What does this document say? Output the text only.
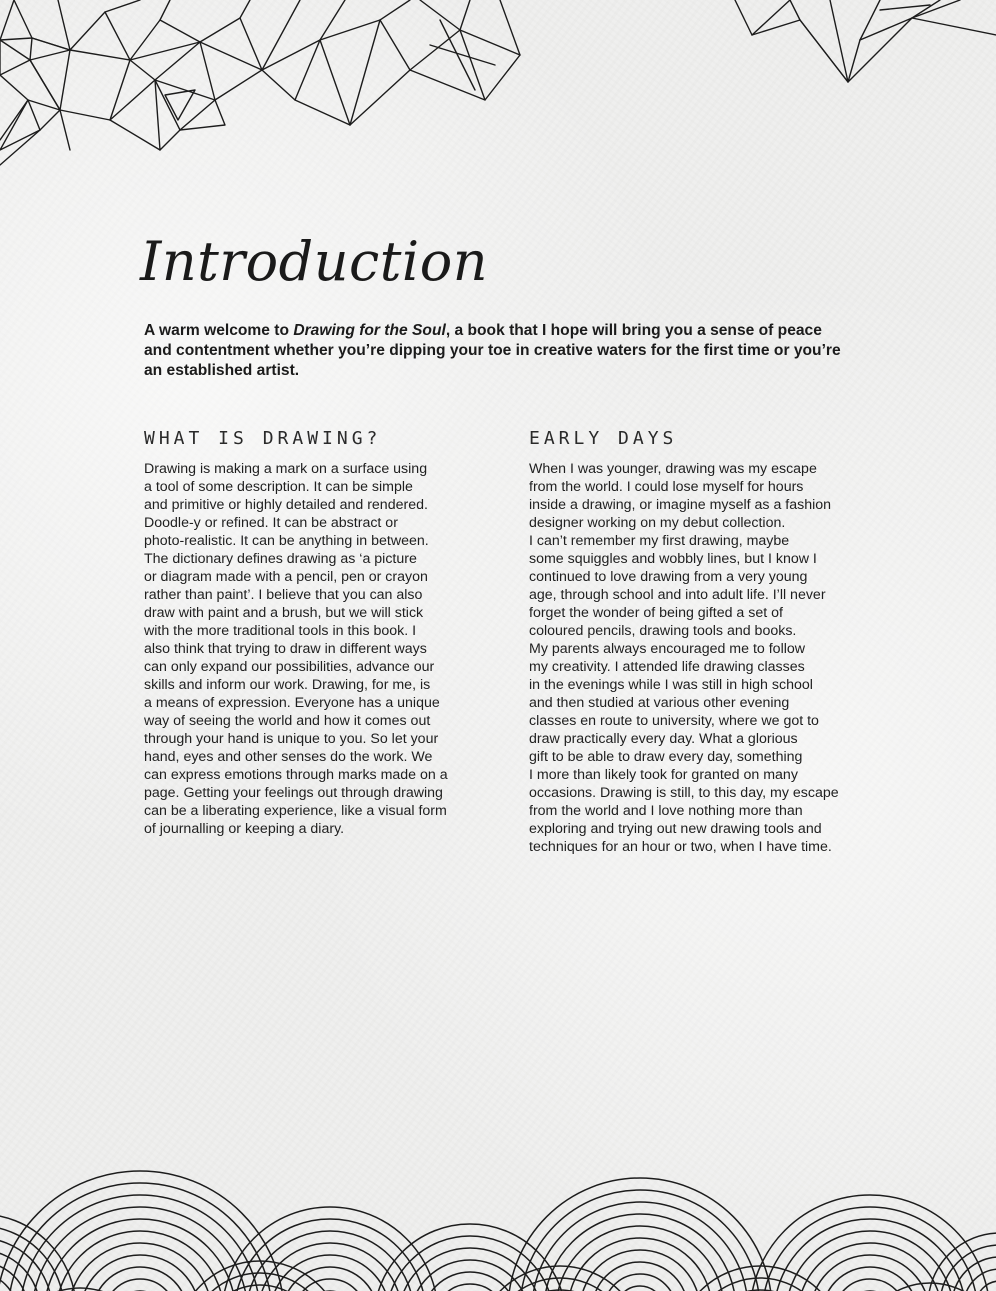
Introduction

A warm welcome to Drawing for the Soul, a book that I hope will bring you a sense of peace and contentment whether you’re dipping your toe in creative waters for the first time or you’re an established artist.

WHAT IS DRAWING?

Drawing is making a mark on a surface using
a tool of some description. It can be simple
and primitive or highly detailed and rendered.
Doodle-y or refined. It can be abstract or
photo-realistic. It can be anything in between.
The dictionary defines drawing as ‘a picture
or diagram made with a pencil, pen or crayon
rather than paint’. I believe that you can also
draw with paint and a brush, but we will stick
with the more traditional tools in this book. I
also think that trying to draw in different ways
can only expand our possibilities, advance our
skills and inform our work. Drawing, for me, is
a means of expression. Everyone has a unique
way of seeing the world and how it comes out
through your hand is unique to you. So let your
hand, eyes and other senses do the work. We
can express emotions through marks made on a
page. Getting your feelings out through drawing
can be a liberating experience, like a visual form
of journalling or keeping a diary.

EARLY DAYS

When I was younger, drawing was my escape
from the world. I could lose myself for hours
inside a drawing, or imagine myself as a fashion
designer working on my debut collection.
I can’t remember my first drawing, maybe
some squiggles and wobbly lines, but I know I
continued to love drawing from a very young
age, through school and into adult life. I’ll never
forget the wonder of being gifted a set of
coloured pencils, drawing tools and books.
My parents always encouraged me to follow
my creativity. I attended life drawing classes
in the evenings while I was still in high school
and then studied at various other evening
classes en route to university, where we got to
draw practically every day. What a glorious
gift to be able to draw every day, something
I more than likely took for granted on many
occasions. Drawing is still, to this day, my escape
from the world and I love nothing more than
exploring and trying out new drawing tools and
techniques for an hour or two, when I have time.
